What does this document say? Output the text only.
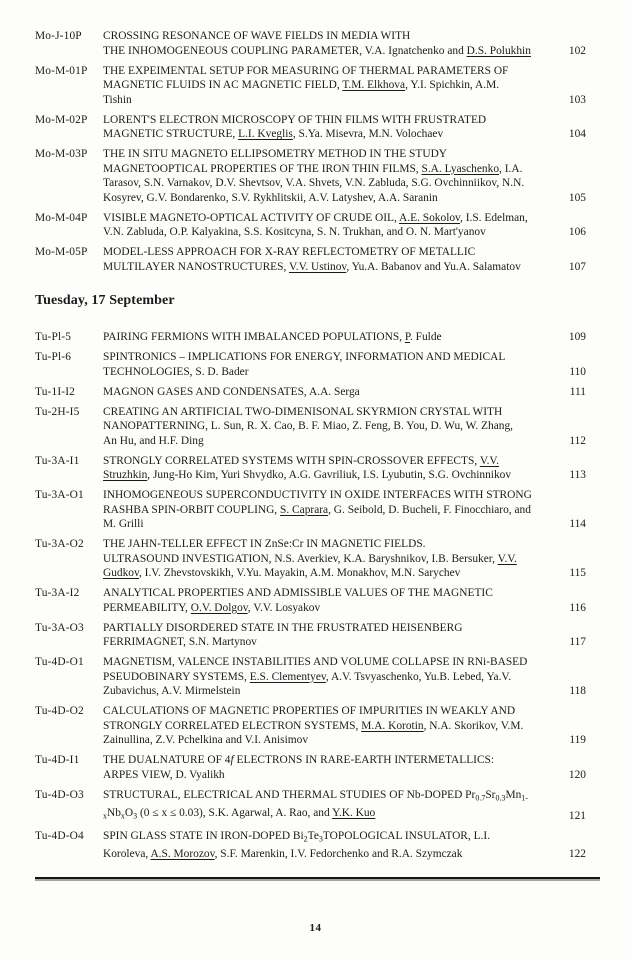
Mo-J-10P	CROSSING RESONANCE OF WAVE FIELDS IN MEDIA WITH
THE INHOMOGENEOUS COUPLING PARAMETER, V.A. Ignatchenko and D.S. Polukhin	102
Mo-M-01P	THE EXPEIMENTAL SETUP FOR MEASURING OF THERMAL PARAMETERS OF
MAGNETIC FLUIDS IN AC MAGNETIC FIELD, T.M. Elkhova, Y.I. Spichkin, A.M.
Tishin	103
Mo-M-02P	LORENT'S ELECTRON MICROSCOPY OF THIN FILMS WITH FRUSTRATED
MAGNETIC STRUCTURE, L.I. Kveglis, S.Ya. Misevra, M.N. Volochaev	104
Mo-M-03P	THE IN SITU MAGNETO ELLIPSOMETRY METHOD IN THE STUDY
MAGNETOOPTICAL PROPERTIES OF THE IRON THIN FILMS, S.A. Lyaschenko, I.A.
Tarasov, S.N. Varnakov, D.V. Shevtsov, V.A. Shvets, V.N. Zabluda, S.G. Ovchinniikov, N.N.
Kosyrev, G.V. Bondarenko, S.V. Rykhlitskii, A.V. Latyshev, A.A. Saranin	105
Mo-M-04P	VISIBLE MAGNETO-OPTICAL ACTIVITY OF CRUDE OIL, A.E. Sokolov, I.S. Edelman,
V.N. Zabluda, O.P. Kalyakina, S.S. Kositcyna, S. N. Trukhan, and O. N. Mart'yanov	106
Mo-M-05P	MODEL-LESS APPROACH FOR X-RAY REFLECTOMETRY OF METALLIC
MULTILAYER NANOSTRUCTURES, V.V. Ustinov, Yu.A. Babanov and Yu.A. Salamatov	107
Tuesday, 17 September
Tu-Pl-5	PAIRING FERMIONS WITH IMBALANCED POPULATIONS, P. Fulde	109
Tu-Pl-6	SPINTRONICS – IMPLICATIONS FOR ENERGY, INFORMATION AND MEDICAL
TECHNOLOGIES, S. D. Bader	110
Tu-1I-I2	MAGNON GASES AND CONDENSATES, A.A. Serga	111
Tu-2H-I5	CREATING AN ARTIFICIAL TWO-DIMENISONAL SKYRMION CRYSTAL WITH
NANOPATTERNING, L. Sun, R. X. Cao, B. F. Miao, Z. Feng, B. You, D. Wu, W. Zhang,
An Hu, and H.F. Ding	112
Tu-3A-I1	STRONGLY CORRELATED SYSTEMS WITH SPIN-CROSSOVER EFFECTS, V.V.
Struzhkin, Jung-Ho Kim, Yuri Shvydko, A.G. Gavriliuk, I.S. Lyubutin, S.G. Ovchinnikov	113
Tu-3A-O1	INHOMOGENEOUS SUPERCONDUCTIVITY IN OXIDE INTERFACES WITH STRONG
RASHBA SPIN-ORBIT COUPLING, S. Caprara, G. Seibold, D. Bucheli, F. Finocchiaro, and
M. Grilli	114
Tu-3A-O2	THE JAHN-TELLER EFFECT IN ZnSe:Cr IN MAGNETIC FIELDS.
ULTRASOUND INVESTIGATION, N.S. Averkiev, K.A. Baryshnikov, I.B. Bersuker, V.V.
Gudkov, I.V. Zhevstovskikh, V.Yu. Mayakin, A.M. Monakhov, M.N. Sarychev	115
Tu-3A-I2	ANALYTICAL PROPERTIES AND ADMISSIBLE VALUES OF THE MAGNETIC
PERMEABILITY, O.V. Dolgov, V.V. Losyakov	116
Tu-3A-O3	PARTIALLY DISORDERED STATE IN THE FRUSTRATED HEISENBERG
FERRIMAGNET, S.N. Martynov	117
Tu-4D-O1	MAGNETISM, VALENCE INSTABILITIES AND VOLUME COLLAPSE IN RNi-BASED
PSEUDOBINARY SYSTEMS, E.S. Clementyev, A.V. Tsvyaschenko, Yu.B. Lebed, Ya.V.
Zubavichus, A.V. Mirmelstein	118
Tu-4D-O2	CALCULATIONS OF MAGNETIC PROPERTIES OF IMPURITIES IN WEAKLY AND
STRONGLY CORRELATED ELECTRON SYSTEMS, M.A. Korotin, N.A. Skorikov, V.M.
Zainullina, Z.V. Pchelkina and V.I. Anisimov	119
Tu-4D-I1	THE DUALNATURE OF 4f ELECTRONS IN RARE-EARTH INTERMETALLICS:
ARPES VIEW, D. Vyalikh	120
Tu-4D-O3	STRUCTURAL, ELECTRICAL AND THERMAL STUDIES OF Nb-DOPED $Pr_{0.7}Sr_{0.3}Mn_{1-}$
$_xNb_xO_3$ (0 ≤ x ≤ 0.03), S.K. Agarwal, A. Rao, and Y.K. Kuo	121
Tu-4D-O4	SPIN GLASS STATE IN IRON-DOPED $Bi_2Te_3TOPOLOGICAL$ INSULATOR, L.I.
Koroleva, A.S. Morozov, S.F. Marenkin, I.V. Fedorchenko and R.A. Szymczak	122
14
